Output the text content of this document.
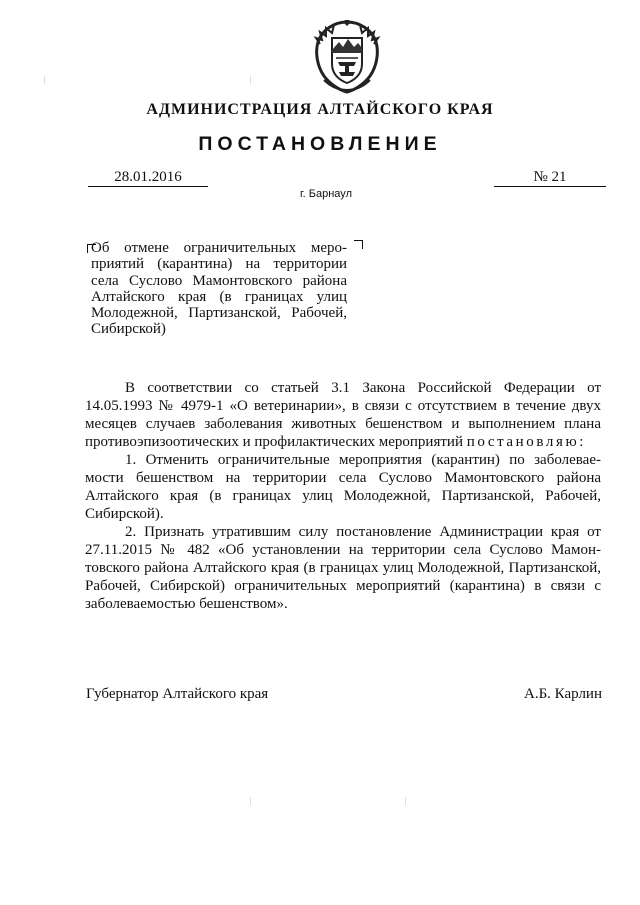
АДМИНИСТРАЦИЯ АЛТАЙСКОГО КРАЯ
ПОСТАНОВЛЕНИЕ
28.01.2016	№ 21
г. Барнаул
Об отмене ограничительных мероприятий (карантина) на территории села Суслово Мамонтовского района Алтайского края (в границах улиц Молодежной, Партизанской, Рабочей, Сибирской)

В соответствии со статьей 3.1 Закона Российской Федерации от 14.05.1993 № 4979-1 «О ветеринарии», в связи с отсутствием в течение двух месяцев случаев заболевания животных бешенством и выполнением плана противоэпизоотических и профилактических мероприятий постановляю:

1. Отменить ограничительные мероприятия (карантин) по заболеваемости бешенством на территории села Суслово Мамонтовского района Алтайского края (в границах улиц Молодежной, Партизанской, Рабочей, Сибирской).

2. Признать утратившим силу постановление Администрации края от 27.11.2015 № 482 «Об установлении на территории села Суслово Мамонтовского района Алтайского края (в границах улиц Молодежной, Партизанской, Рабочей, Сибирской) ограничительных мероприятий (карантина) в связи с заболеваемостью бешенством».

Губернатор Алтайского края	А.Б. Карлин
